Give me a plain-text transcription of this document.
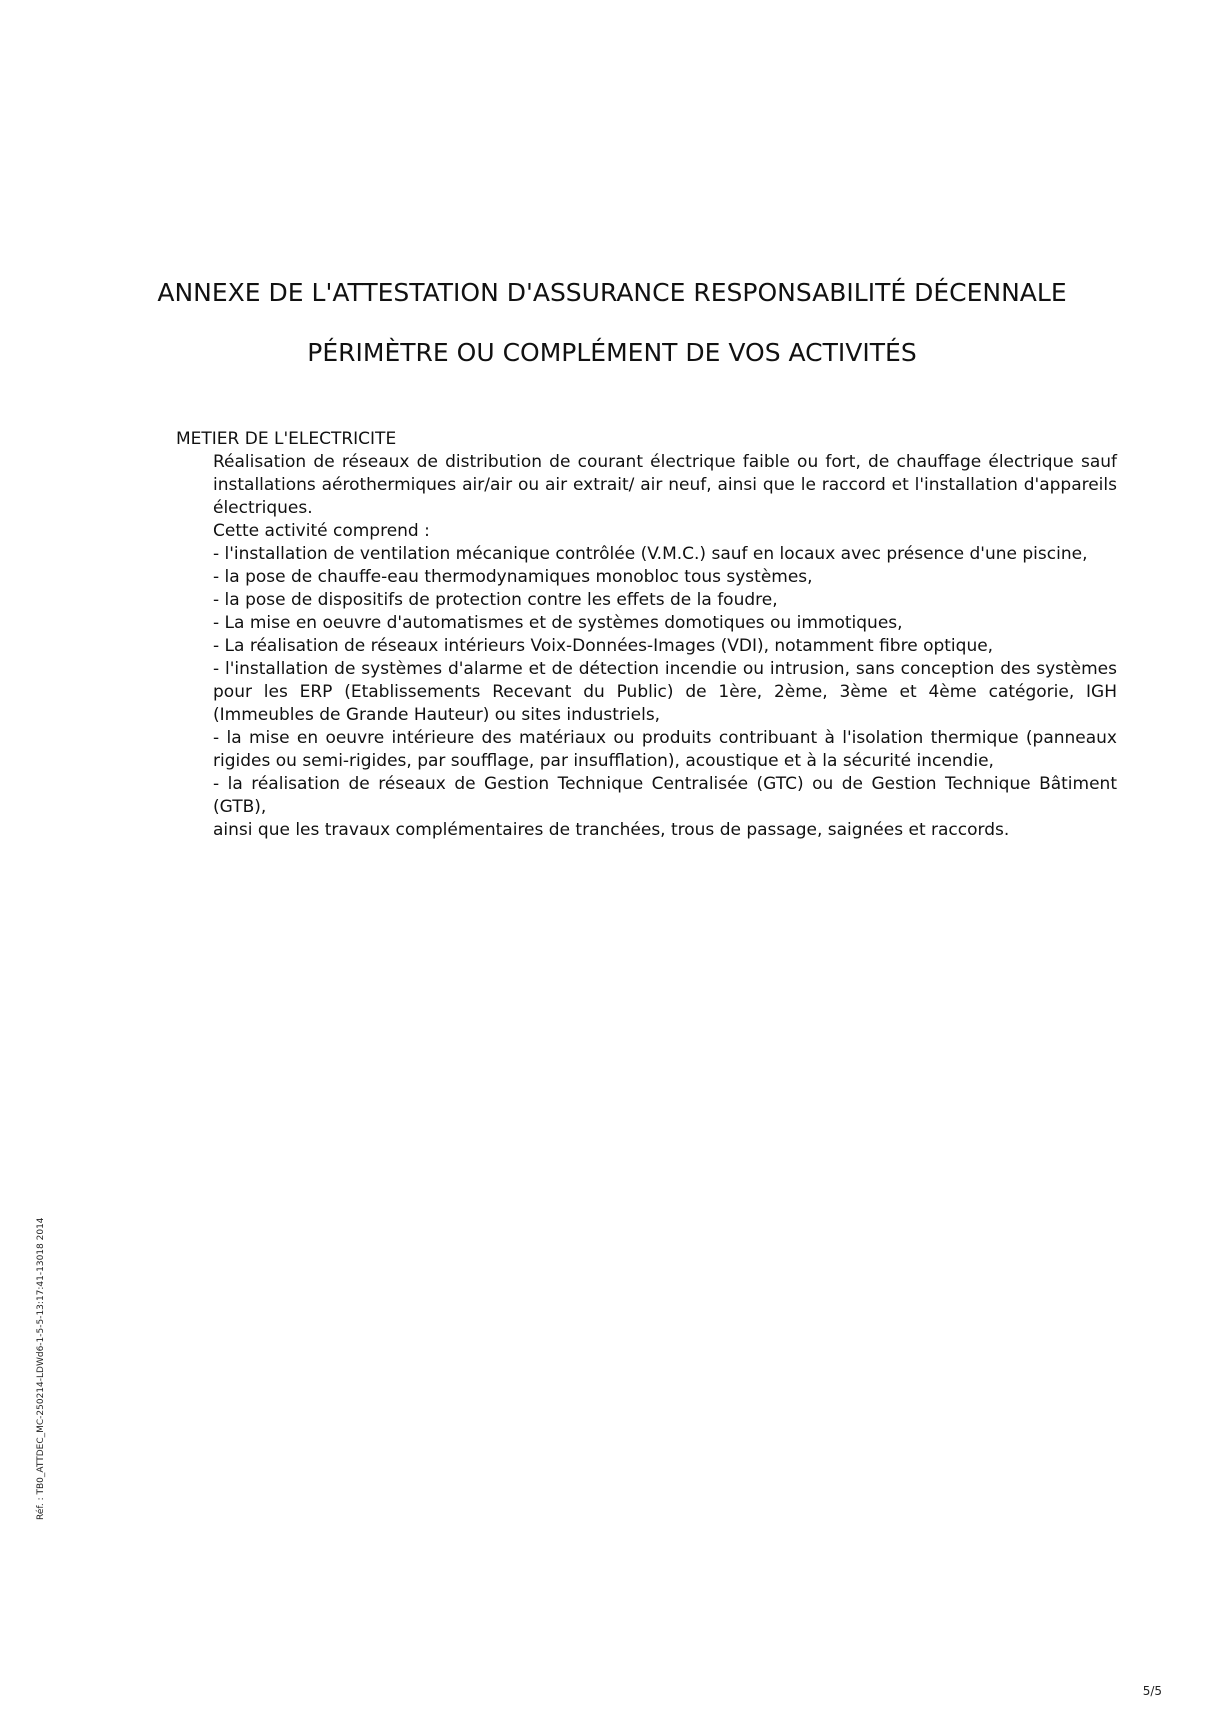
ANNEXE DE L'ATTESTATION D'ASSURANCE RESPONSABILITÉ DÉCENNALE
PÉRIMÈTRE OU COMPLÉMENT DE VOS ACTIVITÉS
METIER DE L'ELECTRICITE

Réalisation de réseaux de distribution de courant électrique faible ou fort, de chauffage électrique sauf installations aérothermiques air/air ou air extrait/ air neuf, ainsi que le raccord et l'installation d'appareils électriques.

Cette activité comprend :

- l'installation de ventilation mécanique contrôlée (V.M.C.) sauf en locaux avec présence d'une piscine,

- la pose de chauffe-eau thermodynamiques monobloc tous systèmes,

- la pose de dispositifs de protection contre les effets de la foudre,

- La mise en oeuvre d'automatismes et de systèmes domotiques ou immotiques,

- La réalisation de réseaux intérieurs Voix-Données-Images (VDI), notamment fibre optique,

- l'installation de systèmes d'alarme et de détection incendie ou intrusion, sans conception des systèmes pour les ERP (Etablissements Recevant du Public) de 1ère, 2ème, 3ème et 4ème catégorie, IGH (Immeubles de Grande Hauteur) ou sites industriels,

- la mise en oeuvre intérieure des matériaux ou produits contribuant à l'isolation thermique (panneaux rigides ou semi-rigides, par soufflage, par insufflation), acoustique et à la sécurité incendie,

- la réalisation de réseaux de Gestion Technique Centralisée (GTC) ou de Gestion Technique Bâtiment (GTB),

ainsi que les travaux complémentaires de tranchées, trous de passage, saignées et raccords.

Réf. : TB0_ATTDEC_MC-250214-LDWd6-1-5-5-13:17:41-13018 2014
5/5
